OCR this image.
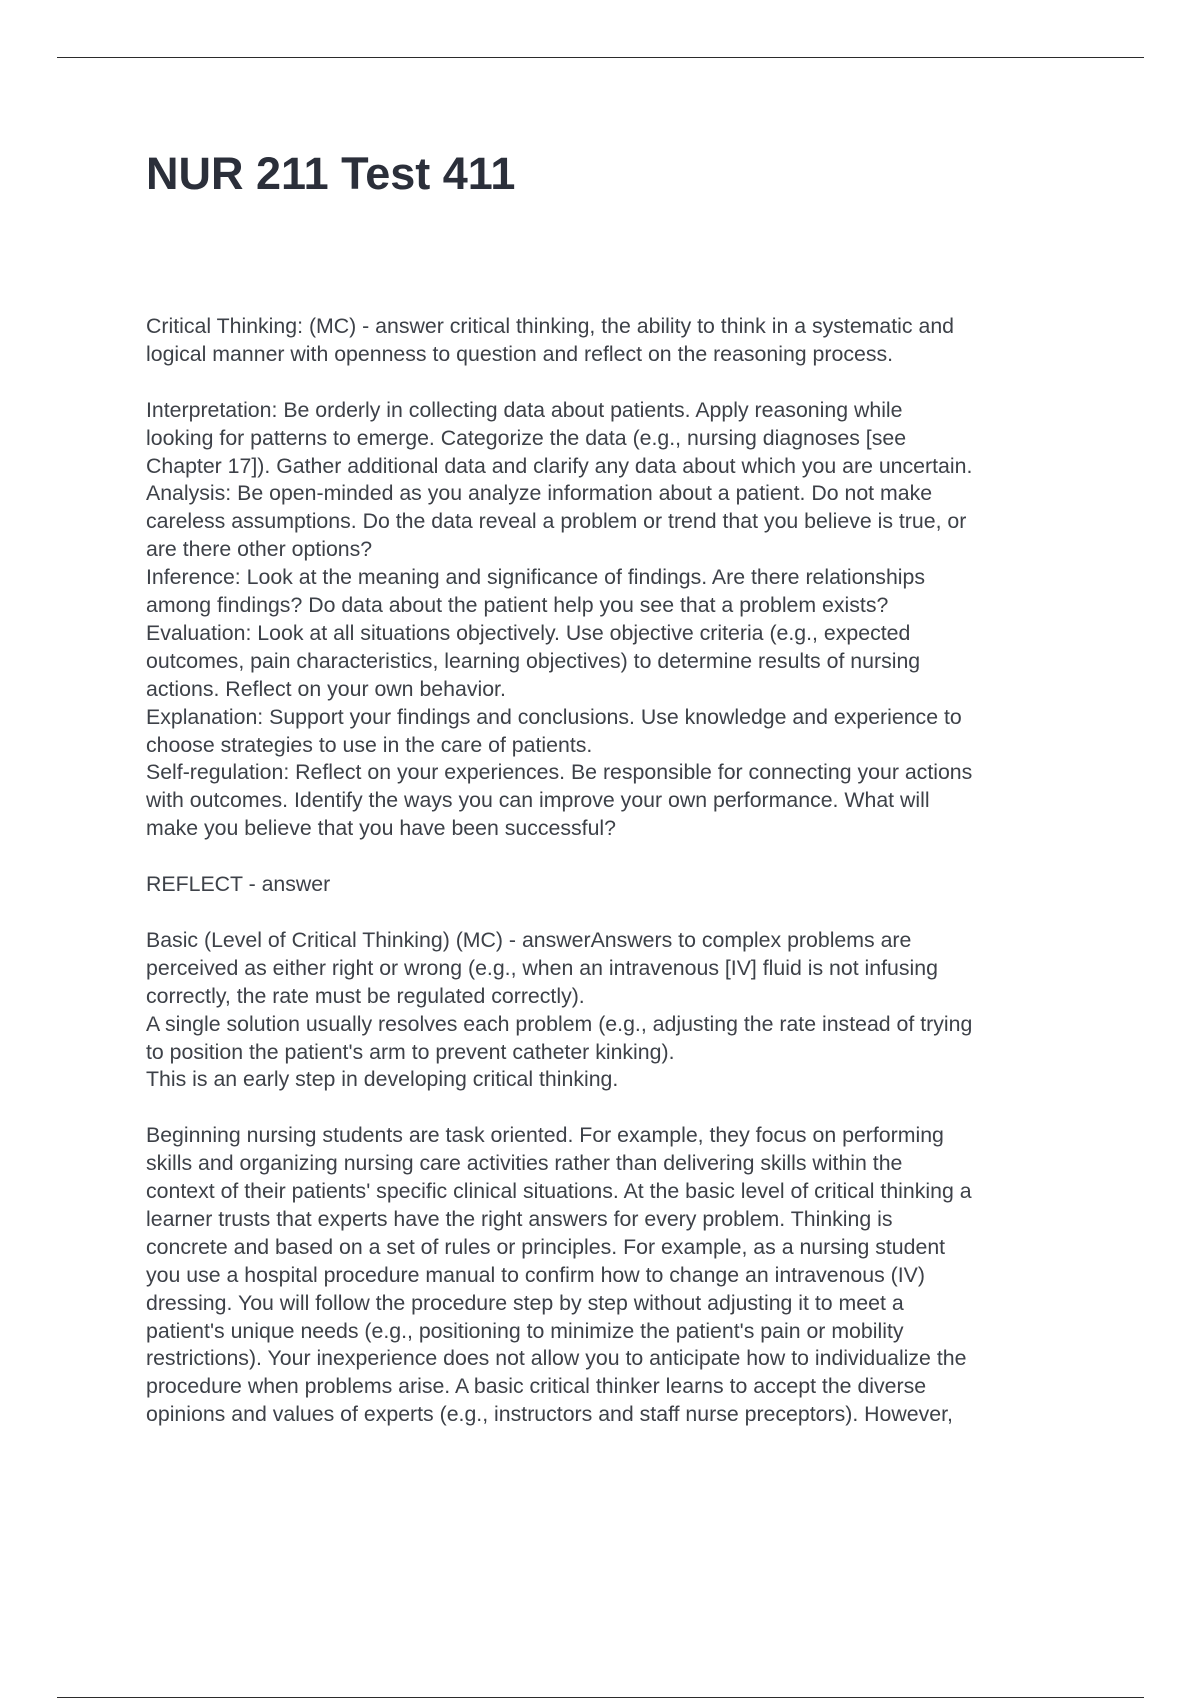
NUR 211 Test 411

Critical Thinking: (MC) - answer critical thinking, the ability to think in a systematic and
logical manner with openness to question and reflect on the reasoning process.

Interpretation: Be orderly in collecting data about patients. Apply reasoning while
looking for patterns to emerge. Categorize the data (e.g., nursing diagnoses [see
Chapter 17]). Gather additional data and clarify any data about which you are uncertain.
Analysis: Be open-minded as you analyze information about a patient. Do not make
careless assumptions. Do the data reveal a problem or trend that you believe is true, or
are there other options?
Inference: Look at the meaning and significance of findings. Are there relationships
among findings? Do data about the patient help you see that a problem exists?
Evaluation: Look at all situations objectively. Use objective criteria (e.g., expected
outcomes, pain characteristics, learning objectives) to determine results of nursing
actions. Reflect on your own behavior.
Explanation: Support your findings and conclusions. Use knowledge and experience to
choose strategies to use in the care of patients.
Self-regulation: Reflect on your experiences. Be responsible for connecting your actions
with outcomes. Identify the ways you can improve your own performance. What will
make you believe that you have been successful?

REFLECT - answer

Basic (Level of Critical Thinking) (MC) - answerAnswers to complex problems are
perceived as either right or wrong (e.g., when an intravenous [IV] fluid is not infusing
correctly, the rate must be regulated correctly).
A single solution usually resolves each problem (e.g., adjusting the rate instead of trying
to position the patient's arm to prevent catheter kinking).
This is an early step in developing critical thinking.

Beginning nursing students are task oriented. For example, they focus on performing
skills and organizing nursing care activities rather than delivering skills within the
context of their patients' specific clinical situations. At the basic level of critical thinking a
learner trusts that experts have the right answers for every problem. Thinking is
concrete and based on a set of rules or principles. For example, as a nursing student
you use a hospital procedure manual to confirm how to change an intravenous (IV)
dressing. You will follow the procedure step by step without adjusting it to meet a
patient's unique needs (e.g., positioning to minimize the patient's pain or mobility
restrictions). Your inexperience does not allow you to anticipate how to individualize the
procedure when problems arise. A basic critical thinker learns to accept the diverse
opinions and values of experts (e.g., instructors and staff nurse preceptors). However,
